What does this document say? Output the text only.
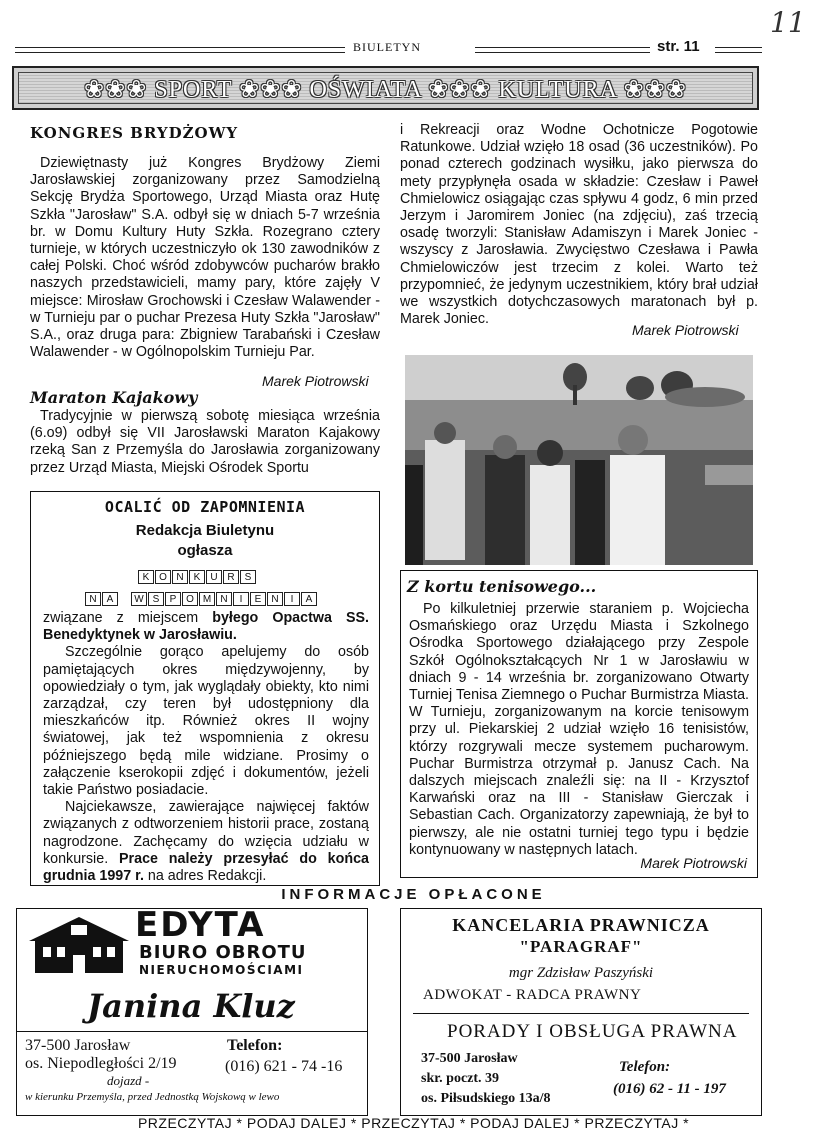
BIULETYN	str. 11
11
❀❀❀ SPORT ❀❀❀ OŚWIATA ❀❀❀ KULTURA ❀❀❀
KONGRES BRYDŻOWY
Dziewiętnasty już Kongres Brydżowy Ziemi Jarosławskiej zorganizowany przez Samodzielną Sekcję Brydża Sportowego, Urząd Miasta oraz Hutę Szkła "Jarosław" S.A. odbył się w dniach 5-7 września br. w Domu Kultury Huty Szkła. Rozegrano cztery turnieje, w których uczestniczyło ok 130 zawodników z całej Polski. Choć wśród zdobywców pucharów brakło naszych przedstawicieli, mamy pary, które zajęły V miejsce: Mirosław Grochowski i Czesław Walawender - w Turnieju par o puchar Prezesa Huty Szkła "Jarosław" S.A., oraz druga para: Zbigniew Tarabański i Czesław Walawender - w Ogólnopolskim Turnieju Par.
Marek Piotrowski
Maraton Kajakowy
Tradycyjnie w pierwszą sobotę miesiąca września (6.o9) odbył się VII Jarosławski Maraton Kajakowy rzeką San z Przemyśla do Jarosławia zorganizowany przez Urząd Miasta, Miejski Ośrodek Sportu
i Rekreacji oraz Wodne Ochotnicze Pogotowie Ratunkowe. Udział wzięło 18 osad (36 uczestników). Po ponad czterech godzinach wysiłku, jako pierwsza do mety przypłynęła osada w składzie: Czesław i Paweł Chmielowicz osiągając czas spływu 4 godz, 6 min przed Jerzym i Jaromirem Joniec (na zdjęciu), zaś trzecią osadę tworzyli: Stanisław Adamiszyn i Marek Joniec - wszyscy z Jarosławia. Zwycięstwo Czesława i Pawła Chmielowiczów jest trzecim z kolei. Warto też przypomnieć, że jedynym uczestnikiem, który brał udział we wszystkich dotychczasowych maratonach był p. Marek Joniec.
Marek Piotrowski
OCALIĆ OD ZAPOMNIENIA
Redakcja Biuletynu
ogłasza
K O N	K	U R	S
N	A	W S	P O M N	I	E	N	I	A
związane z miejscem byłego Opactwa SS. Benedyktynek w Jarosławiu.
Szczególnie gorąco apelujemy do osób pamiętających okres międzywojenny, by opowiedziały o tym, jak wyglądały obiekty, kto nimi zarządzał, czy teren był udostępniony dla mieszkańców itp. Również okres II wojny światowej, jak też wspomnienia z okresu późniejszego będą mile widziane. Prosimy o załączenie kserokopii zdjęć i dokumentów, jeżeli takie Państwo posiadacie.
Najciekawsze, zawierające najwięcej faktów związanych z odtworzeniem historii prace, zostaną nagrodzone. Zachęcamy do wzięcia udziału w konkursie. Prace należy przesyłać do końca grudnia 1997 r. na adres Redakcji.
Z kortu tenisowego...
Po kilkuletniej przerwie staraniem p. Wojciecha Osmańskiego oraz Urzędu Miasta i Szkolnego Ośrodka Sportowego działającego przy Zespole Szkół Ogólnokształcących Nr 1 w Jarosławiu w dniach 9 - 14 września br. zorganizowano Otwarty Turniej Tenisa Ziemnego o Puchar Burmistrza Miasta. W Turnieju, zorganizowanym na korcie tenisowym przy ul. Piekarskiej 2 udział wzięło 16 tenisistów, którzy rozgrywali mecze systemem pucharowym. Puchar Burmistrza otrzymał p. Janusz Cach. Na dalszych miejscach znaleźli się: na II - Krzysztof Karwański oraz na III - Stanisław Gierczak i Sebastian Cach. Organizatorzy zapewniają, że był to pierwszy, ale nie ostatni turniej tego typu i będzie kontynuowany w następnych latach.
Marek Piotrowski
INFORMACJE OPŁACONE
EDYTA
BIURO OBROTU
NIERUCHOMOŚCIAMI
Janina Kluz
37-500 Jarosław
os. Niepodległości 2/19
dojazd -
w kierunku Przemyśla, przed Jednostką Wojskową w lewo
Telefon:
(016) 621 - 74 -16
KANCELARIA PRAWNICZA
"PARAGRAF"
mgr Zdzisław Paszyński
ADWOKAT - RADCA PRAWNY
PORADY I OBSŁUGA PRAWNA
37-500 Jarosław
skr. poczt. 39
os. Piłsudskiego 13a/8
Telefon:
(016) 62 - 11 - 197
PRZECZYTAJ * PODAJ DALEJ * PRZECZYTAJ * PODAJ DALEJ * PRZECZYTAJ *
